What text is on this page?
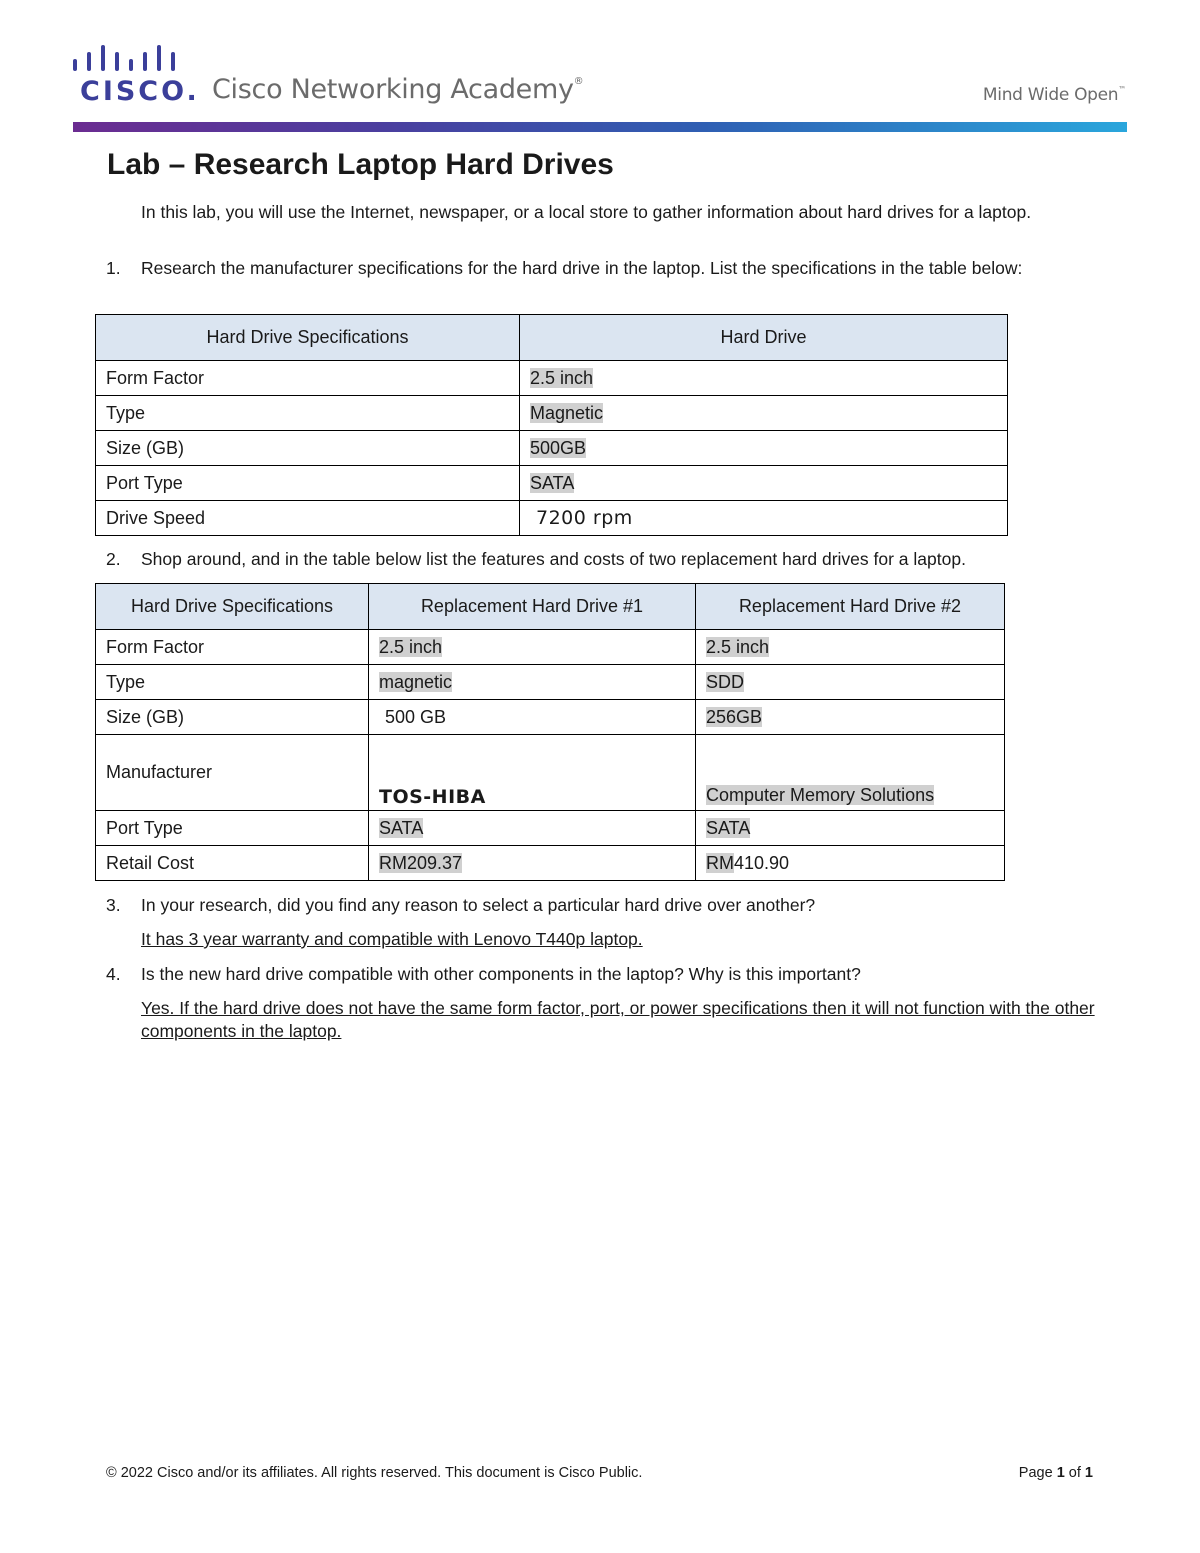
CISCO. Cisco Networking Academy®
Mind Wide Open™
Lab – Research Laptop Hard Drives

In this lab, you will use the Internet, newspaper, or a local store to gather information about hard drives for a laptop.

1. Research the manufacturer specifications for the hard drive in the laptop. List the specifications in the table below:

Hard Drive Specifications	Hard Drive
Form Factor	2.5 inch
Type	Magnetic
Size (GB)	500GB
Port Type	SATA
Drive Speed	7200 rpm
2. Shop around, and in the table below list the features and costs of two replacement hard drives for a laptop.

Hard Drive Specifications	Replacement Hard Drive #1	Replacement Hard Drive #2
Form Factor	2.5 inch	2.5 inch
Type	magnetic	SDD
Size (GB)	500 GB	256GB
Manufacturer	TOS-HIBA	Computer Memory Solutions
Port Type	SATA	SATA
Retail Cost	RM209.37	RM410.90
3. In your research, did you find any reason to select a particular hard drive over another?

It has 3 year warranty and compatible with Lenovo T440p laptop.

4. Is the new hard drive compatible with other components in the laptop? Why is this important?

Yes. If the hard drive does not have the same form factor, port, or power specifications then it will not function with the other components in the laptop.

© 2022 Cisco and/or its affiliates. All rights reserved. This document is Cisco Public.	Page 1 of 1
